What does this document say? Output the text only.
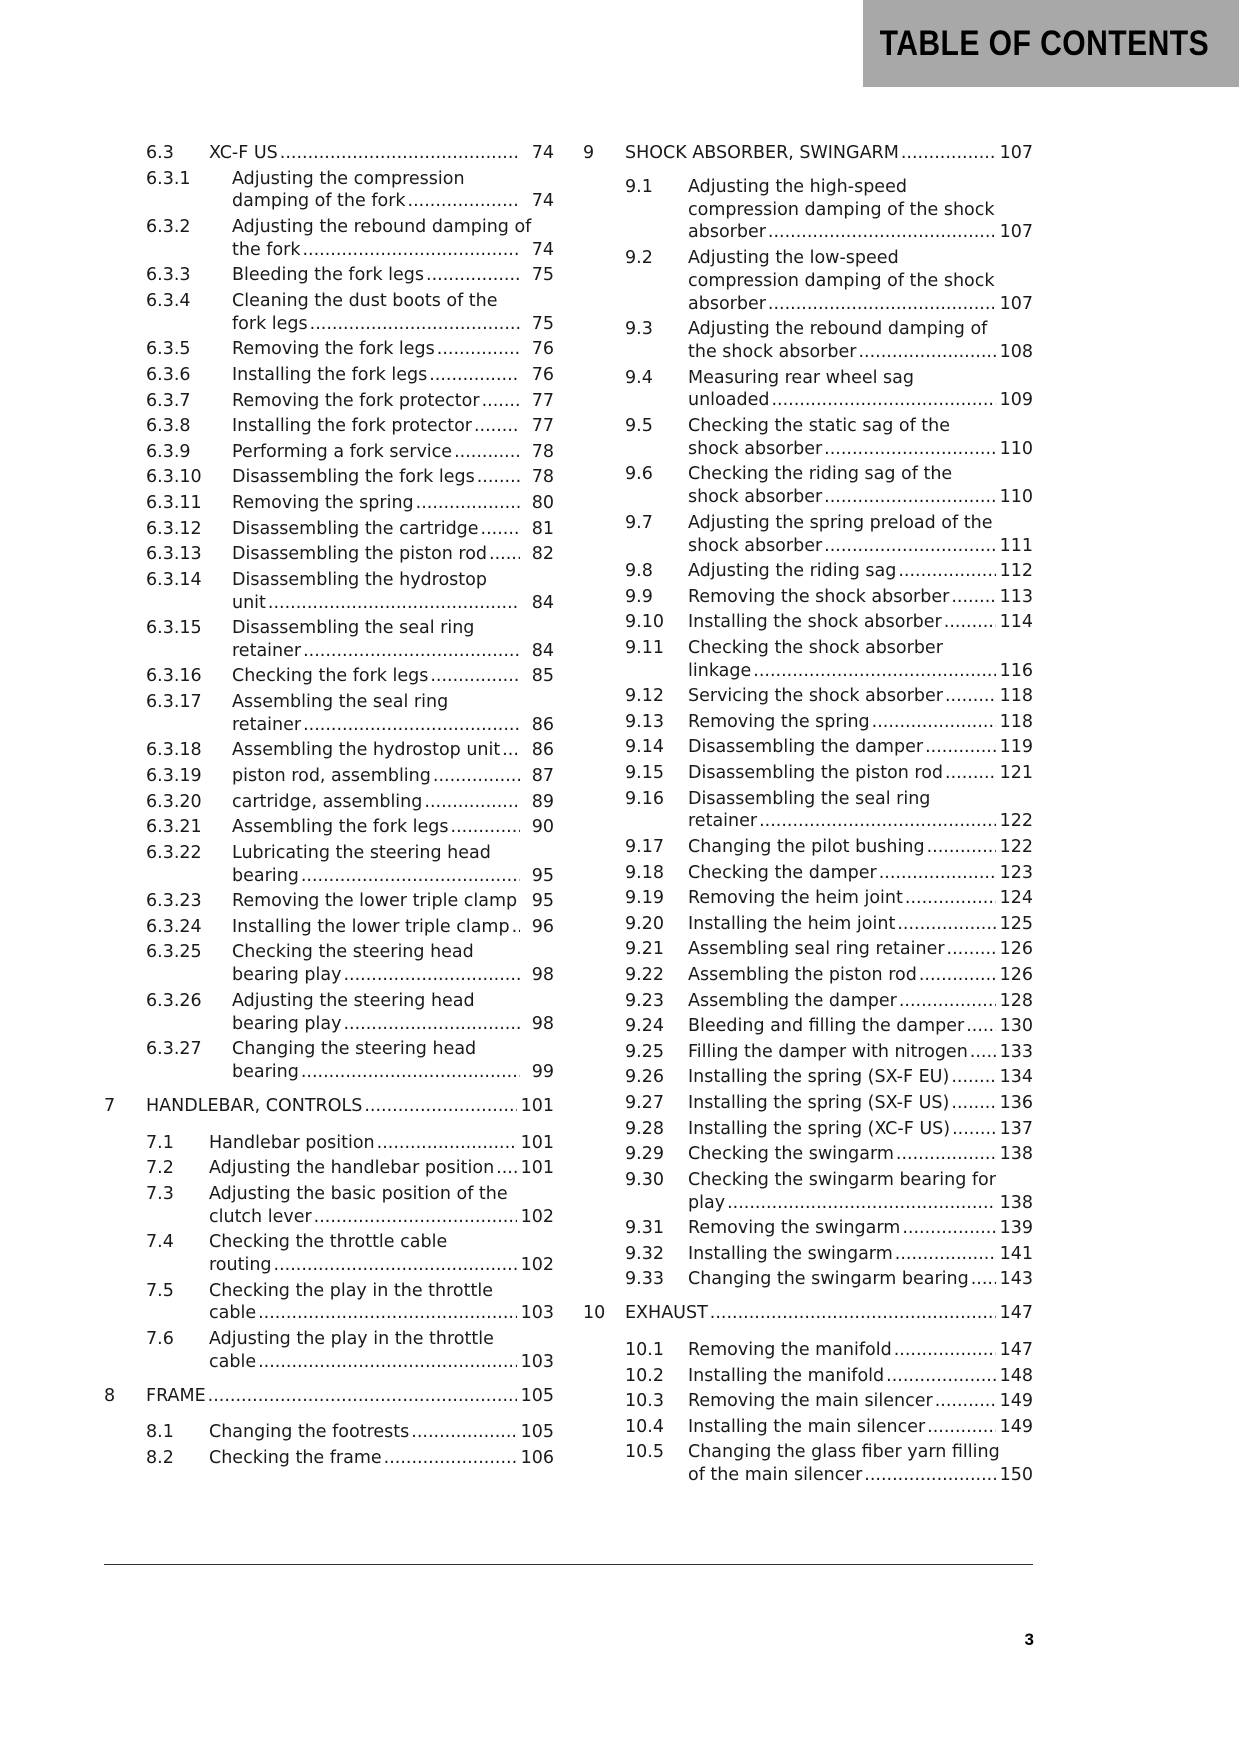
TABLE OF CONTENTS
6.3 XC-F US .....	74
6.3.1 Adjusting the compression
damping of the fork .....	74
6.3.2 Adjusting the rebound damping of
the fork .....	74
6.3.3 Bleeding the fork legs .....	75
6.3.4 Cleaning the dust boots of the
fork legs .....	75
6.3.5 Removing the fork legs .....	76
6.3.6 Installing the fork legs .....	76
6.3.7 Removing the fork protector .....	77
6.3.8 Installing the fork protector .....	77
6.3.9 Performing a fork service .....	78
6.3.10 Disassembling the fork legs .....	78
6.3.11 Removing the spring .....	80
6.3.12 Disassembling the cartridge .....	81
6.3.13 Disassembling the piston rod .....	82
6.3.14 Disassembling the hydrostop
unit .....	84
6.3.15 Disassembling the seal ring
retainer .....	84
6.3.16 Checking the fork legs .....	85
6.3.17 Assembling the seal ring
retainer .....	86
6.3.18 Assembling the hydrostop unit .....	86
6.3.19 piston rod, assembling .....	87
6.3.20 cartridge, assembling .....	89
6.3.21 Assembling the fork legs .....	90
6.3.22 Lubricating the steering head
bearing .....	95
6.3.23 Removing the lower triple clamp ..... 95
6.3.24 Installing the lower triple clamp .....	96
6.3.25 Checking the steering head
bearing play .....	98
6.3.26 Adjusting the steering head
bearing play .....	98
6.3.27 Changing the steering head
bearing .....	99
7 HANDLEBAR, CONTROLS .....	101
7.1 Handlebar position .....	101
7.2 Adjusting the handlebar position ..... 101
7.3 Adjusting the basic position of the
clutch lever .....	102
7.4 Checking the throttle cable
routing .....	102
7.5 Checking the play in the throttle
cable .....	103
7.6 Adjusting the play in the throttle
cable .....	103
8 FRAME .....	105
8.1 Changing the footrests .....	105
8.2 Checking the frame .....	106
9 SHOCK ABSORBER, SWINGARM .....	107
9.1 Adjusting the high-speed
compression damping of the shock
absorber .....	107
9.2 Adjusting the low-speed
compression damping of the shock
absorber .....	107
9.3 Adjusting the rebound damping of
the shock absorber .....	108
9.4 Measuring rear wheel sag
unloaded .....	109
9.5 Checking the static sag of the
shock absorber .....	110
9.6 Checking the riding sag of the
shock absorber .....	110
9.7 Adjusting the spring preload of the
shock absorber .....	111
9.8 Adjusting the riding sag .....	112
9.9 Removing the shock absorber .....	113
9.10 Installing the shock absorber .....	114
9.11 Checking the shock absorber
linkage .....	116
9.12 Servicing the shock absorber .....	118
9.13 Removing the spring .....	118
9.14 Disassembling the damper .....	119
9.15 Disassembling the piston rod .....	121
9.16 Disassembling the seal ring
retainer .....	122
9.17 Changing the pilot bushing .....	122
9.18 Checking the damper .....	123
9.19 Removing the heim joint .....	124
9.20 Installing the heim joint .....	125
9.21 Assembling seal ring retainer .....	126
9.22 Assembling the piston rod .....	126
9.23 Assembling the damper .....	128
9.24 Bleeding and filling the damper ..... 130
9.25 Filling the damper with nitrogen ..... 133
9.26 Installing the spring (SX-F EU) .....	134
9.27 Installing the spring (SX-F US) .....	136
9.28 Installing the spring (XC-F US) .....	137
9.29 Checking the swingarm .....	138
9.30 Checking the swingarm bearing for
play .....	138
9.31 Removing the swingarm .....	139
9.32 Installing the swingarm .....	141
9.33 Changing the swingarm bearing ..... 143
10 EXHAUST .....	147
10.1 Removing the manifold .....	147
10.2 Installing the manifold .....	148
10.3 Removing the main silencer .....	149
10.4 Installing the main silencer .....	149
10.5 Changing the glass fiber yarn filling
of the main silencer .....	150
3
